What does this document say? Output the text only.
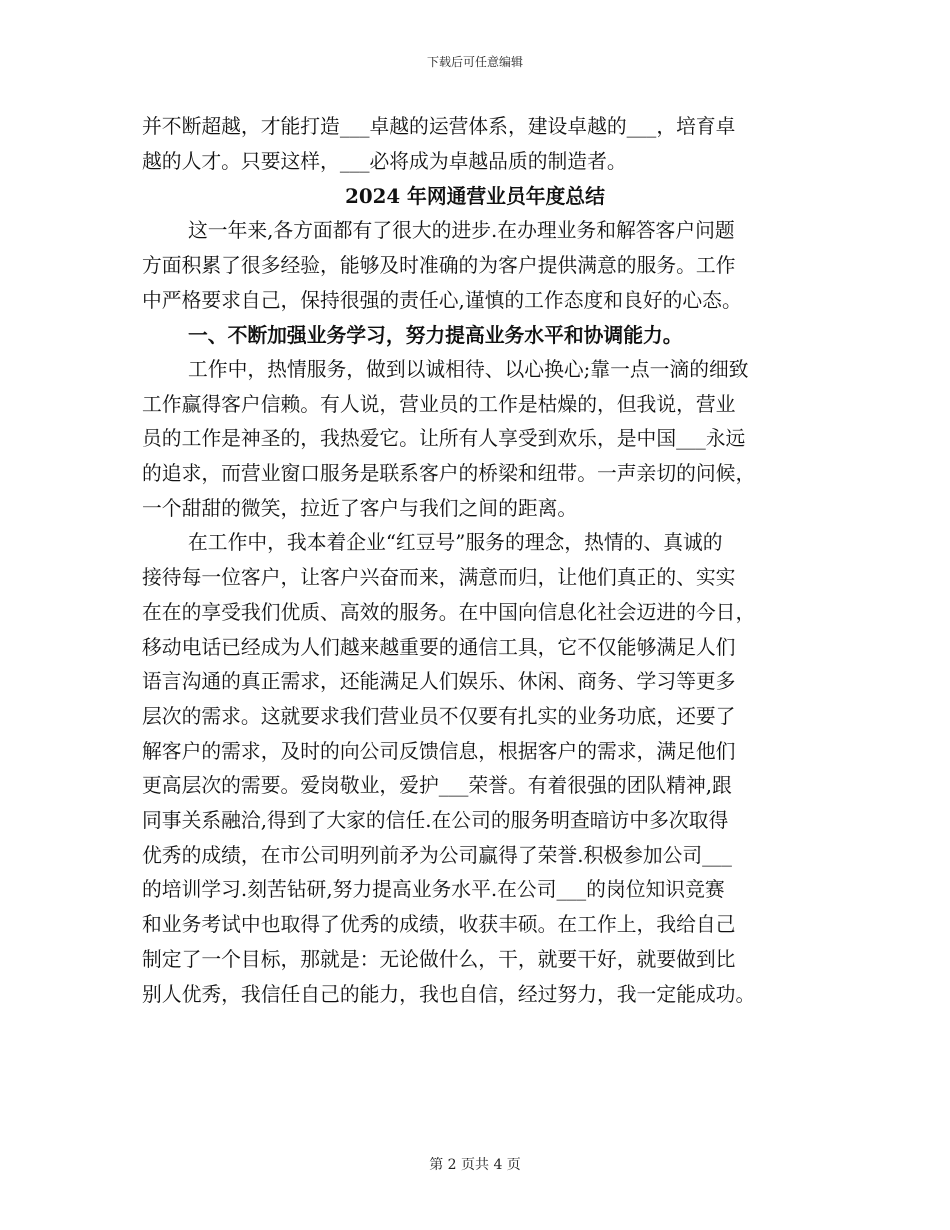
下载后可任意编辑

并不断超越，才能打造___卓越的运营体系，建设卓越的___，培育卓

越的人才。只要这样，___必将成为卓越品质的制造者。

2024 年网通营业员年度总结

这一年来,各方面都有了很大的进步.在办理业务和解答客户问题

方面积累了很多经验，能够及时准确的为客户提供满意的服务。工作

中严格要求自己，保持很强的责任心,谨慎的工作态度和良好的心态。

一、不断加强业务学习，努力提高业务水平和协调能力。

工作中，热情服务，做到以诚相待、以心换心;靠一点一滴的细致

工作赢得客户信赖。有人说，营业员的工作是枯燥的，但我说，营业

员的工作是神圣的，我热爱它。让所有人享受到欢乐，是中国___永远

的追求，而营业窗口服务是联系客户的桥梁和纽带。一声亲切的问候，

一个甜甜的微笑，拉近了客户与我们之间的距离。

在工作中，我本着企业“红豆号”服务的理念，热情的、真诚的

接待每一位客户，让客户兴奋而来，满意而归，让他们真正的、实实

在在的享受我们优质、高效的服务。在中国向信息化社会迈进的今日，

移动电话已经成为人们越来越重要的通信工具，它不仅能够满足人们

语言沟通的真正需求，还能满足人们娱乐、休闲、商务、学习等更多

层次的需求。这就要求我们营业员不仅要有扎实的业务功底，还要了

解客户的需求，及时的向公司反馈信息，根据客户的需求，满足他们

更高层次的需要。爱岗敬业，爱护___荣誉。有着很强的团队精神,跟

同事关系融洽,得到了大家的信任.在公司的服务明查暗访中多次取得

优秀的成绩，在市公司明列前矛为公司赢得了荣誉.积极参加公司___

的培训学习.刻苦钻研,努力提高业务水平.在公司___的岗位知识竞赛

和业务考试中也取得了优秀的成绩，收获丰硕。在工作上，我给自己

制定了一个目标，那就是：无论做什么，干，就要干好，就要做到比

别人优秀，我信任自己的能力，我也自信，经过努力，我一定能成功。

第 2 页共 4 页
